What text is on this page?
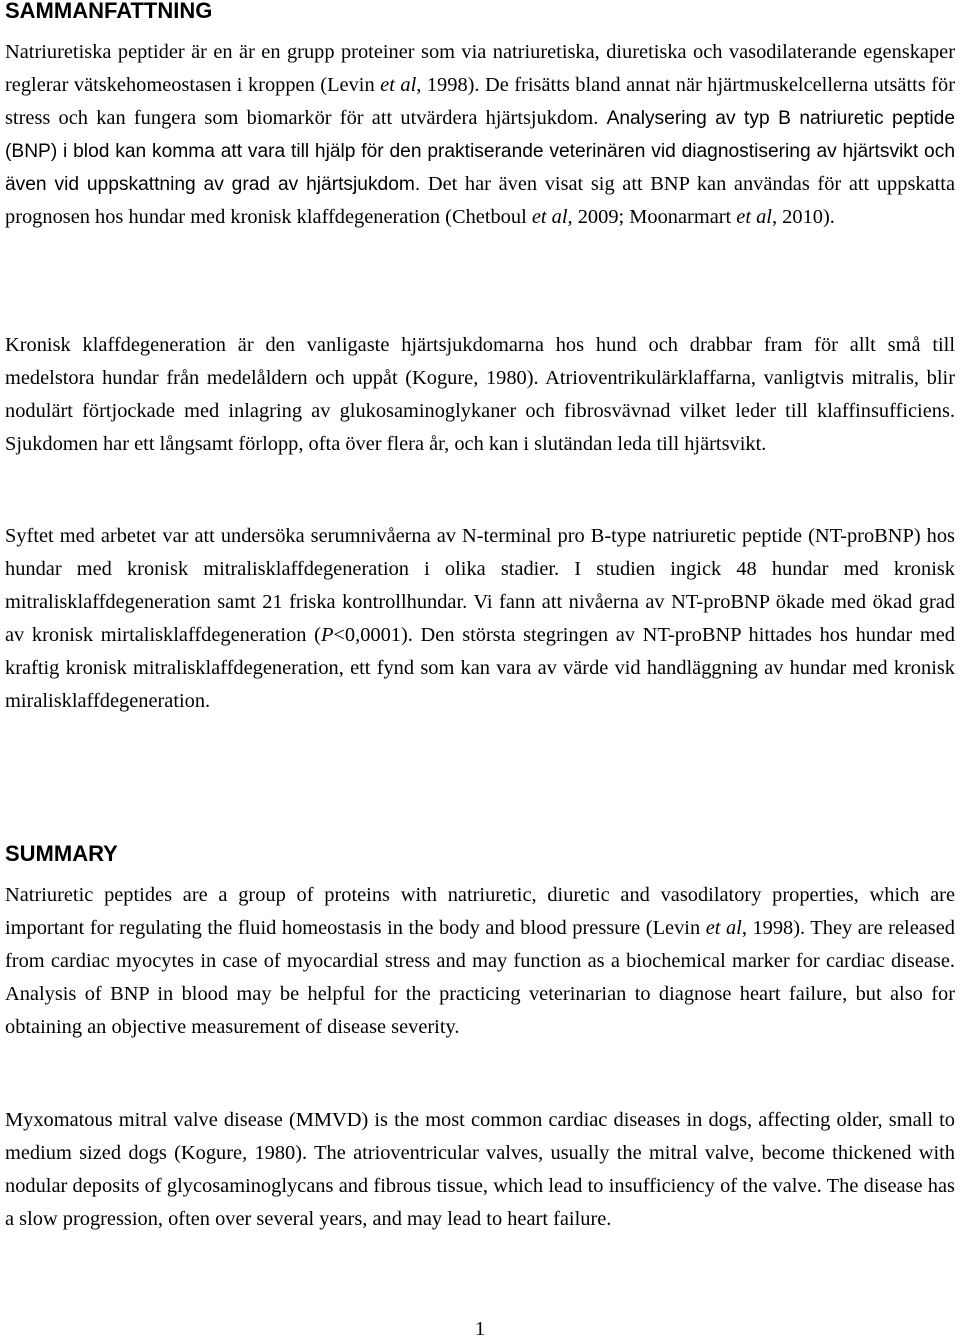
SAMMANFATTNING

Natriuretiska peptider är en är en grupp proteiner som via natriuretiska, diuretiska och vasodilaterande egenskaper reglerar vätskehomeostasen i kroppen (Levin et al, 1998). De frisätts bland annat när hjärtmuskelcellerna utsätts för stress och kan fungera som biomarkör för att utvärdera hjärtsjukdom. Analysering av typ B natriuretic peptide (BNP) i blod kan komma att vara till hjälp för den praktiserande veterinären vid diagnostisering av hjärtsvikt och även vid uppskattning av grad av hjärtsjukdom. Det har även visat sig att BNP kan användas för att uppskatta prognosen hos hundar med kronisk klaffdegeneration (Chetboul et al, 2009; Moonarmart et al, 2010).

Kronisk klaffdegeneration är den vanligaste hjärtsjukdomarna hos hund och drabbar fram för allt små till medelstora hundar från medelåldern och uppåt (Kogure, 1980). Atrioventrikulärklaffarna, vanligtvis mitralis, blir nodulärt förtjockade med inlagring av glukosaminoglykaner och fibrosvävnad vilket leder till klaffinsufficiens. Sjukdomen har ett långsamt förlopp, ofta över flera år, och kan i slutändan leda till hjärtsvikt.

Syftet med arbetet var att undersöka serumnivåerna av N-terminal pro B-type natriuretic peptide (NT-proBNP) hos hundar med kronisk mitralisklaffdegeneration i olika stadier. I studien ingick 48 hundar med kronisk mitralisklaffdegeneration samt 21 friska kontrollhundar. Vi fann att nivåerna av NT-proBNP ökade med ökad grad av kronisk mirtalisklaffdegeneration (P<0,0001). Den största stegringen av NT-proBNP hittades hos hundar med kraftig kronisk mitralisklaffdegeneration, ett fynd som kan vara av värde vid handläggning av hundar med kronisk miralisklaffdegeneration.

SUMMARY

Natriuretic peptides are a group of proteins with natriuretic, diuretic and vasodilatory properties, which are important for regulating the fluid homeostasis in the body and blood pressure (Levin et al, 1998). They are released from cardiac myocytes in case of myocardial stress and may function as a biochemical marker for cardiac disease. Analysis of BNP in blood may be helpful for the practicing veterinarian to diagnose heart failure, but also for obtaining an objective measurement of disease severity.

Myxomatous mitral valve disease (MMVD) is the most common cardiac diseases in dogs, affecting older, small to medium sized dogs (Kogure, 1980). The atrioventricular valves, usually the mitral valve, become thickened with nodular deposits of glycosaminoglycans and fibrous tissue, which lead to insufficiency of the valve. The disease has a slow progression, often over several years, and may lead to heart failure.

1
